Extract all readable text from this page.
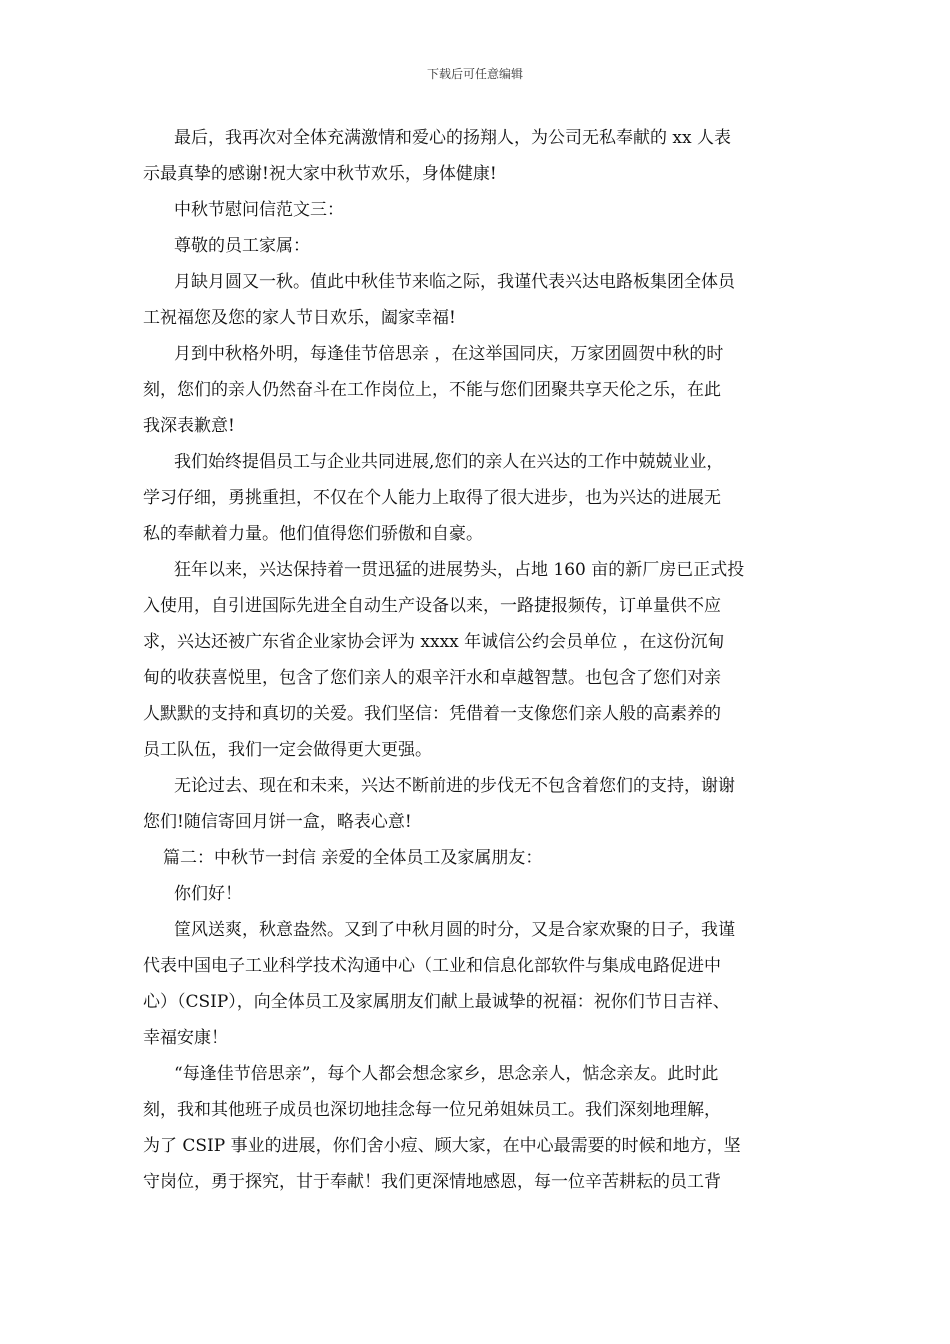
下载后可任意编辑
最后，我再次对全体充满激情和爱心的扬翔人，为公司无私奉献的 xx 人表
示最真挚的感谢!祝大家中秋节欢乐，身体健康!
中秋节慰问信范文三：
尊敬的员工家属：
月缺月圆又一秋。值此中秋佳节来临之际，我谨代表兴达电路板集团全体员
工祝福您及您的家人节日欢乐，阖家幸福!
月到中秋格外明，每逢佳节倍思亲 ，在这举国同庆，万家团圆贺中秋的时
刻，您们的亲人仍然奋斗在工作岗位上，不能与您们团聚共享天伦之乐，在此
我深表歉意!
我们始终提倡员工与企业共同进展,您们的亲人在兴达的工作中兢兢业业，
学习仔细，勇挑重担，不仅在个人能力上取得了很大进步，也为兴达的进展无
私的奉献着力量。他们值得您们骄傲和自豪。
狂年以来，兴达保持着一贯迅猛的进展势头，占地 160 亩的新厂房已正式投
入使用，自引进国际先进全自动生产设备以来，一路捷报频传，订单量供不应
求，兴达还被广东省企业家协会评为 xxxx 年诚信公约会员单位 ，在这份沉甸
甸的收获喜悦里，包含了您们亲人的艰辛汗水和卓越智慧。也包含了您们对亲
人默默的支持和真切的关爱。我们坚信：凭借着一支像您们亲人般的高素养的
员工队伍，我们一定会做得更大更强。
无论过去、现在和未来，兴达不断前进的步伐无不包含着您们的支持，谢谢
您们!随信寄回月饼一盒，略表心意!
篇二：中秋节一封信 亲爱的全体员工及家属朋友：
你们好！
筐风送爽，秋意盎然。又到了中秋月圆的时分，又是合家欢聚的日子，我谨
代表中国电子工业科学技术沟通中心（工业和信息化部软件与集成电路促进中
心）（CSIP），向全体员工及家属朋友们献上最诚挚的祝福：祝你们节日吉祥、
幸福安康！
“每逢佳节倍思亲”，每个人都会想念家乡，思念亲人，惦念亲友。此时此
刻，我和其他班子成员也深切地挂念每一位兄弟姐妹员工。我们深刻地理解，
为了 CSIP 事业的进展，你们舍小痘、顾大家，在中心最需要的时候和地方，坚
守岗位，勇于探究，甘于奉献！我们更深情地感恩，每一位辛苦耕耘的员工背
